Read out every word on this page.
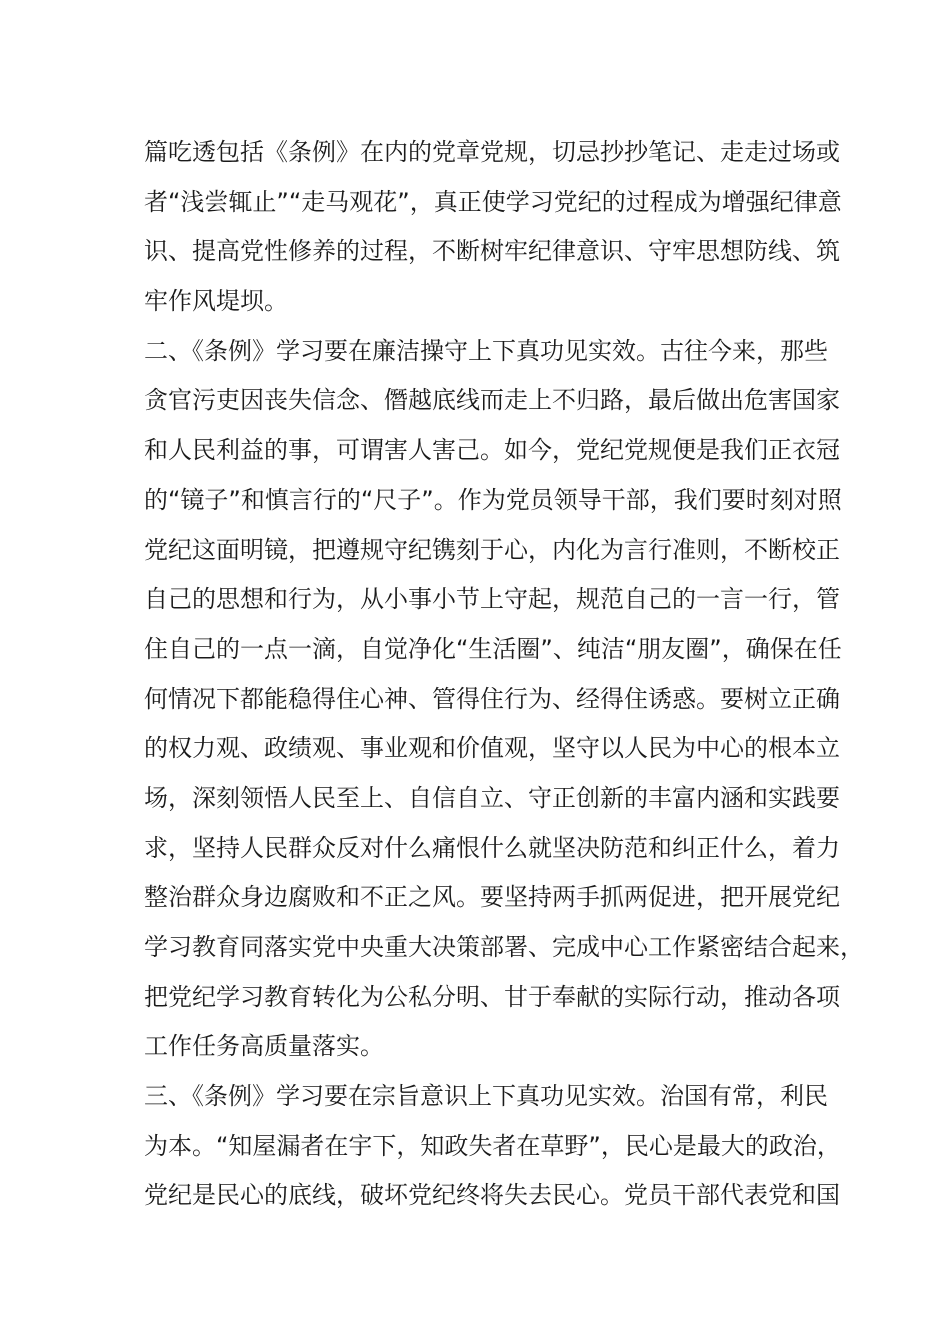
篇吃透包括《条例》在内的党章党规，切忌抄抄笔记、走走过场或
者“浅尝辄止”“走马观花”，真正使学习党纪的过程成为增强纪律意
识、提高党性修养的过程，不断树牢纪律意识、守牢思想防线、筑
牢作风堤坝。
二、《条例》学习要在廉洁操守上下真功见实效。古往今来，那些
贪官污吏因丧失信念、僭越底线而走上不归路，最后做出危害国家
和人民利益的事，可谓害人害己。如今，党纪党规便是我们正衣冠
的“镜子”和慎言行的“尺子”。作为党员领导干部，我们要时刻对照
党纪这面明镜，把遵规守纪镌刻于心，内化为言行准则，不断校正
自己的思想和行为，从小事小节上守起，规范自己的一言一行，管
住自己的一点一滴，自觉净化“生活圈”、纯洁“朋友圈”，确保在任
何情况下都能稳得住心神、管得住行为、经得住诱惑。要树立正确
的权力观、政绩观、事业观和价值观，坚守以人民为中心的根本立
场，深刻领悟人民至上、自信自立、守正创新的丰富内涵和实践要
求，坚持人民群众反对什么痛恨什么就坚决防范和纠正什么，着力
整治群众身边腐败和不正之风。要坚持两手抓两促进，把开展党纪
学习教育同落实党中央重大决策部署、完成中心工作紧密结合起来，
把党纪学习教育转化为公私分明、甘于奉献的实际行动，推动各项
工作任务高质量落实。
三、《条例》学习要在宗旨意识上下真功见实效。治国有常，利民
为本。“知屋漏者在宇下，知政失者在草野”，民心是最大的政治，
党纪是民心的底线，破坏党纪终将失去民心。党员干部代表党和国
